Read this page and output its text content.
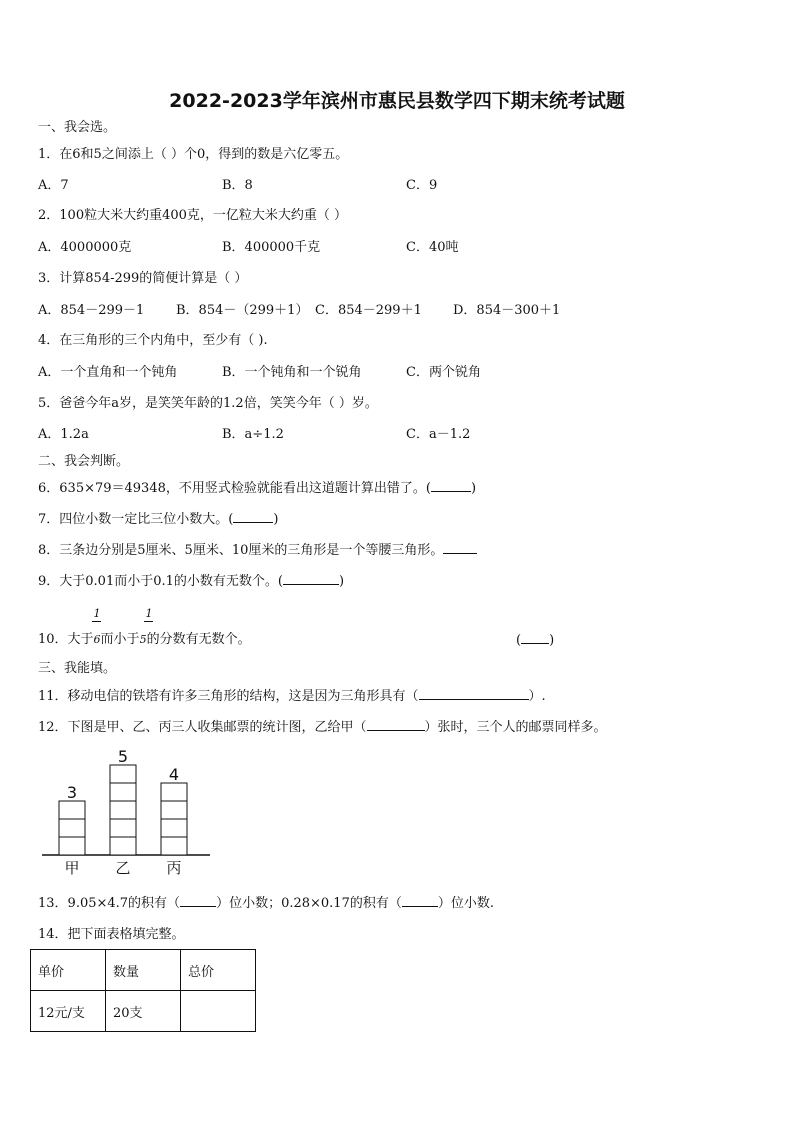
2022-2023学年滨州市惠民县数学四下期末统考试题
一、我会选。
1．在6和5之间添上（ ）个0，得到的数是六亿零五。
A．7	B．8	C．9
2．100粒大米大约重400克，一亿粒大米大约重（ ）
A．4000000克	B．400000千克	C．40吨
3．计算854-299的简便计算是（ ）
A．854－299－1 B．854－（299＋1） C．854－299＋1 D．854－300＋1
4．在三角形的三个内角中，至少有（ ).
A．一个直角和一个钝角	B．一个钝角和一个锐角	C．两个锐角
5．爸爸今年a岁，是笑笑年龄的1.2倍，笑笑今年（ ）岁。
A．1.2a	B．a÷1.2	C．a－1.2
二、我会判断。
6．635×79＝49348，不用竖式检验就能看出这道题计算出错了。(	)
7．四位小数一定比三位小数大。(	)
8．三条边分别是5厘米、5厘米、10厘米的三角形是一个等腰三角形。
9．大于0.01而小于0.1的小数有无数个。(	)
1	1
10．大于6而小于5的分数有无数个。	( )
三、我能填。
11．移动电信的铁塔有许多三角形的结构，这是因为三角形具有（	）.
12．下图是甲、乙、丙三人收集邮票的统计图，乙给甲（	）张时，三个人的邮票同样多。
3
甲
5
乙
4
丙
13．9.05×4.7的积有（	）位小数；0.28×0.17的积有（	）位小数.
14．把下面表格填完整。
单价	数量	总价
12元/支	20支	
